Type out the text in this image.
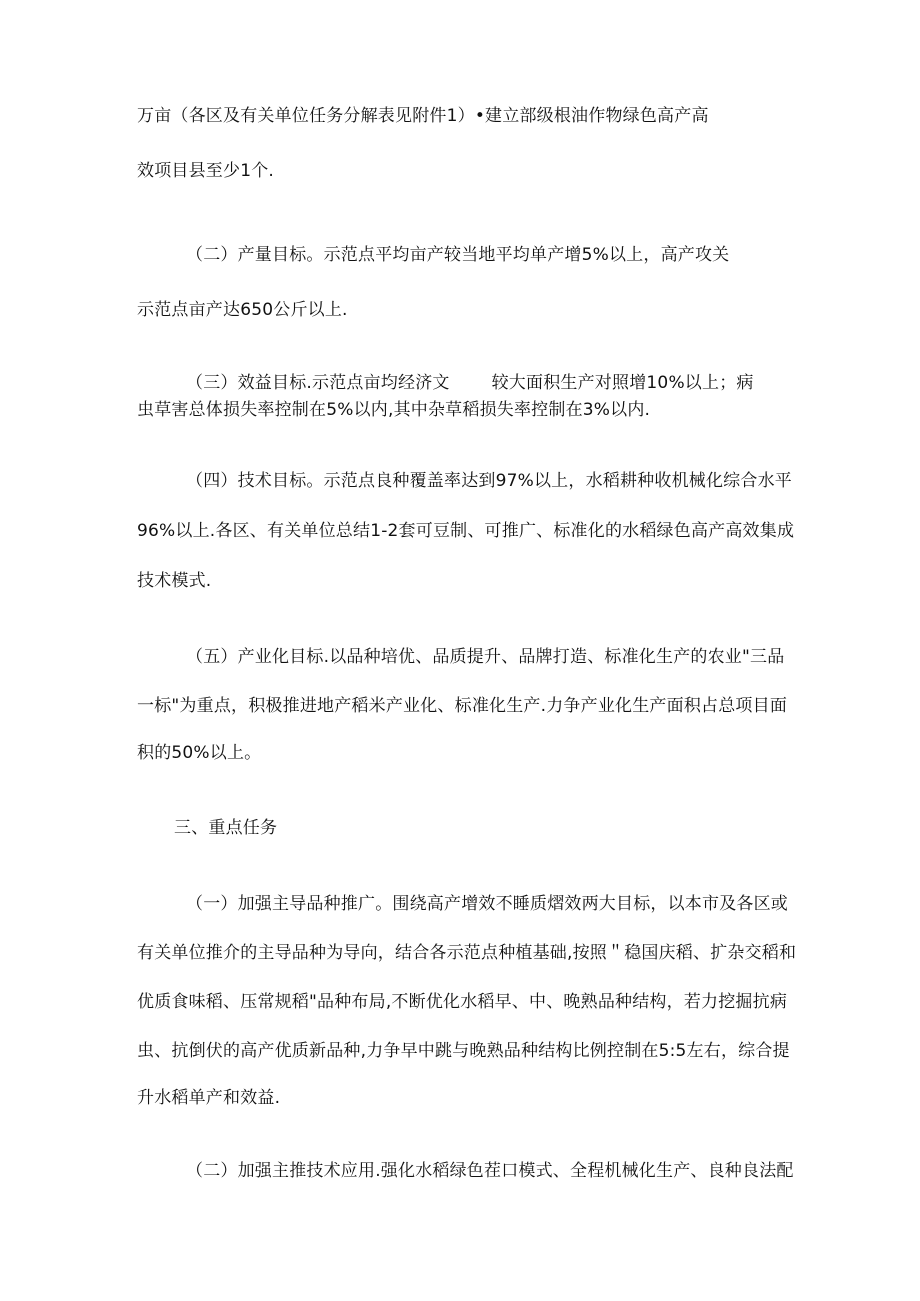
万亩（各区及有关单位任务分解表见附件1）•建立部级根油作物绿色高产高
效项目县至少1个.
（二）产量目标。示范点平均亩产较当地平均单产增5%以上，高产攻关
示范点亩产达650公斤以上.
（三）效益目标.示范点亩均经济文 较大面积生产对照增10%以上；病
虫草害总体损失率控制在5%以内,其中杂草稻损失率控制在3%以内.
（四）技术目标。示范点良种覆盖率达到97%以上，水稻耕种收机械化综合水平
96%以上.各区、有关单位总结1-2套可豆制、可推广、标准化的水稻绿色高产高效集成
技术模式.
（五）产业化目标.以品种培优、品质提升、品牌打造、标准化生产的农业"三品
一标"为重点，积极推进地产稻米产业化、标准化生产.力争产业化生产面积占总项目面
积的50%以上。
三、重点任务
（一）加强主导品种推广。围绕高产增效不睡质熠效两大目标，以本市及各区或
有关单位推介的主导品种为导向，结合各示范点种植基础,按照＂稳国庆稻、扩杂交稻和
优质食味稻、压常规稻"品种布局,不断优化水稻早、中、晚熟品种结构，若力挖掘抗病
虫、抗倒伏的高产优质新品种,力争早中跳与晚熟品种结构比例控制在5:5左右，综合提
升水稻单产和效益.
（二）加强主推技术应用.强化水稻绿色茬口模式、全程机械化生产、良种良法配
